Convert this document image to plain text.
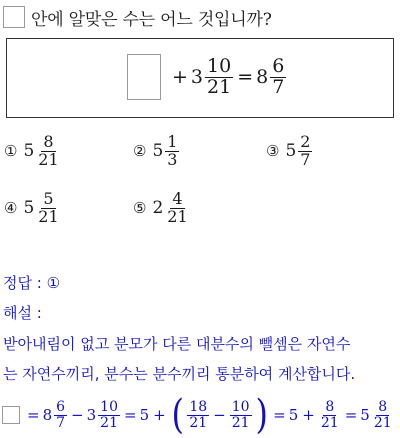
안에 알맞은 수는 어느 것입니까?
+ $3 \frac{10}{21} = 8 \frac{6}{7}$
① $5 \frac{8}{21}$	② $5 \frac{1}{3}$	③ $5 \frac{2}{7}$
④ $5 \frac{5}{21}$	⑤ $2 \frac{4}{21}$
정답 : ①
해설 :
받아내림이 없고 분모가 다른 대분수의 뺄셈은 자연수
는 자연수끼리, 분수는 분수끼리 통분하여 계산합니다.
= $8 \frac{6}{7} - 3 \frac{10}{21} = 5$ + ( $\frac{18}{21} - \frac{10}{21}$ ) = $5 + \frac{8}{21} = 5 \frac{8}{21}$
